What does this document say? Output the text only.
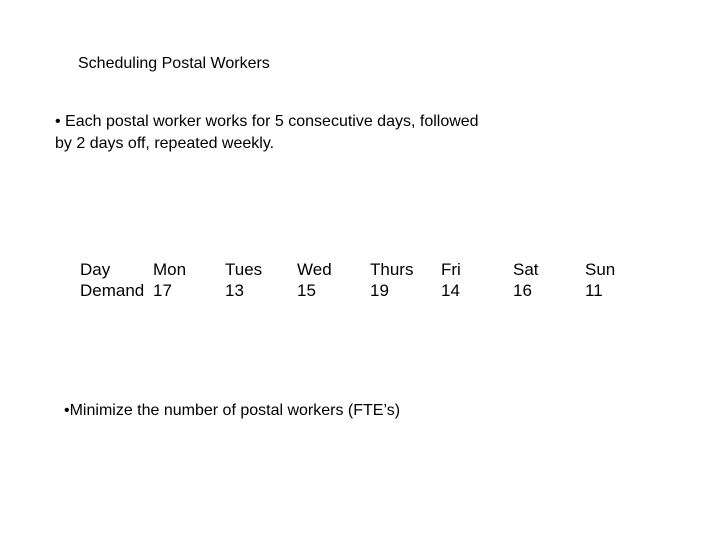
Scheduling Postal Workers
• Each postal worker works for 5 consecutive days, followed by 2 days off, repeated weekly.
Day
Demand
Mon
17
Tues
13
Wed
15
Thurs
19
Fri
14
Sat
16
Sun
11
•Minimize the number of postal workers (FTE’s)
